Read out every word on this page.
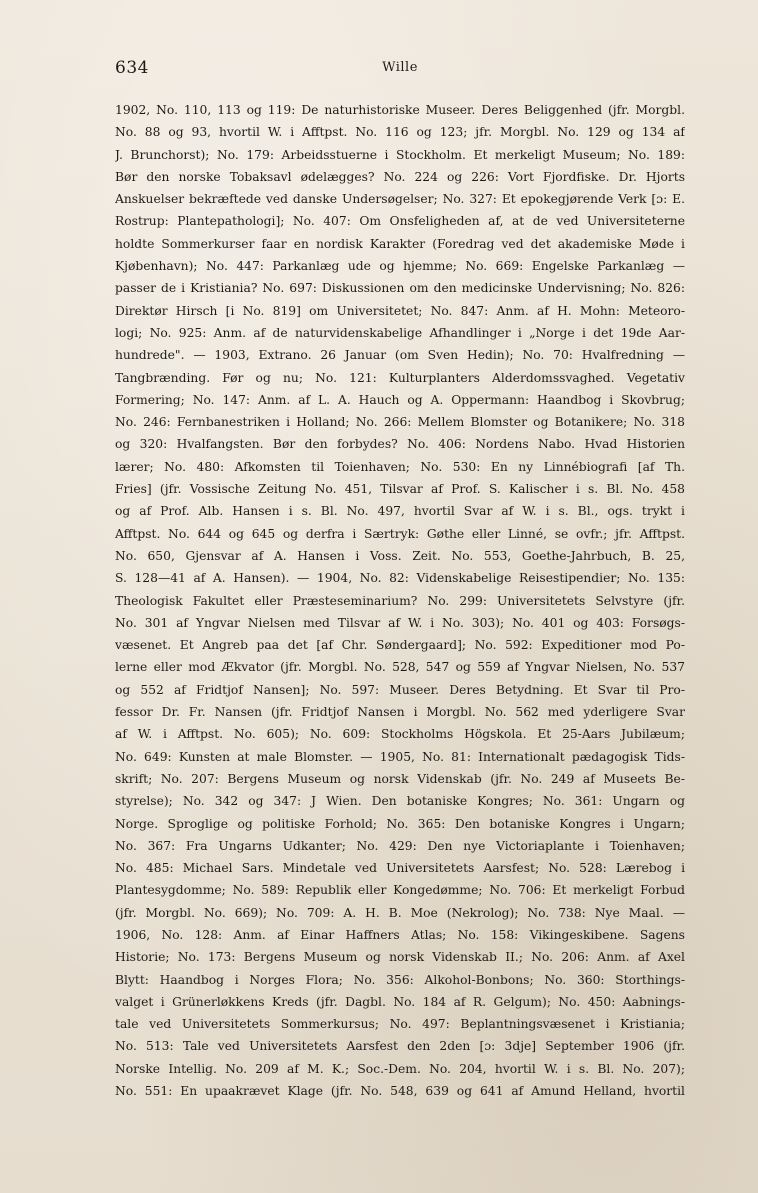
634	Wille
1902, No. 110, 113 og 119: De naturhistoriske Museer. Deres Beliggenhed (jfr. Morgbl.
No. 88 og 93, hvortil W. i Afftpst. No. 116 og 123; jfr. Morgbl. No. 129 og 134 af
J. Brunchorst); No. 179: Arbeidsstuerne i Stockholm. Et merkeligt Museum; No. 189:
Bør den norske Tobaksavl ødelægges? No. 224 og 226: Vort Fjordfiske. Dr. Hjorts
Anskuelser bekræftede ved danske Undersøgelser; No. 327: Et epokegjørende Verk [ɔ: E.
Rostrup: Plantepathologi]; No. 407: Om Onsfeligheden af, at de ved Universiteterne
holdte Sommerkurser faar en nordisk Karakter (Foredrag ved det akademiske Møde i
Kjøbenhavn); No. 447: Parkanlæg ude og hjemme; No. 669: Engelske Parkanlæg —
passer de i Kristiania? No. 697: Diskussionen om den medicinske Undervisning; No. 826:
Direktør Hirsch [i No. 819] om Universitetet; No. 847: Anm. af H. Mohn: Meteoro-
logi; No. 925: Anm. af de naturvidenskabelige Afhandlinger i „Norge i det 19de Aar-
hundrede". — 1903, Extrano. 26 Januar (om Sven Hedin); No. 70: Hvalfredning —
Tangbrænding. Før og nu; No. 121: Kulturplanters Alderdomssvaghed. Vegetativ
Formering; No. 147: Anm. af L. A. Hauch og A. Oppermann: Haandbog i Skovbrug;
No. 246: Fernbanestriken i Holland; No. 266: Mellem Blomster og Botanikere; No. 318
og 320: Hvalfangsten. Bør den forbydes? No. 406: Nordens Nabo. Hvad Historien
lærer; No. 480: Afkomsten til Toienhaven; No. 530: En ny Linnébiografi [af Th.
Fries] (jfr. Vossische Zeitung No. 451, Tilsvar af Prof. S. Kalischer i s. Bl. No. 458
og af Prof. Alb. Hansen i s. Bl. No. 497, hvortil Svar af W. i s. Bl., ogs. trykt i
Afftpst. No. 644 og 645 og derfra i Særtryk: Gøthe eller Linné, se ovfr.; jfr. Afftpst.
No. 650, Gjensvar af A. Hansen i Voss. Zeit. No. 553, Goethe-Jahrbuch, B. 25,
S. 128—41 af A. Hansen). — 1904, No. 82: Videnskabelige Reisestipendier; No. 135:
Theologisk Fakultet eller Præsteseminarium? No. 299: Universitetets Selvstyre (jfr.
No. 301 af Yngvar Nielsen med Tilsvar af W. i No. 303); No. 401 og 403: Forsøgs-
væsenet. Et Angreb paa det [af Chr. Søndergaard]; No. 592: Expeditioner mod Po-
lerne eller mod Ækvator (jfr. Morgbl. No. 528, 547 og 559 af Yngvar Nielsen, No. 537
og 552 af Fridtjof Nansen]; No. 597: Museer. Deres Betydning. Et Svar til Pro-
fessor Dr. Fr. Nansen (jfr. Fridtjof Nansen i Morgbl. No. 562 med yderligere Svar
af W. i Afftpst. No. 605); No. 609: Stockholms Högskola. Et 25-Aars Jubilæum;
No. 649: Kunsten at male Blomster. — 1905, No. 81: Internationalt pædagogisk Tids-
skrift; No. 207: Bergens Museum og norsk Videnskab (jfr. No. 249 af Museets Be-
styrelse); No. 342 og 347: J Wien. Den botaniske Kongres; No. 361: Ungarn og
Norge. Sproglige og politiske Forhold; No. 365: Den botaniske Kongres i Ungarn;
No. 367: Fra Ungarns Udkanter; No. 429: Den nye Victoriaplante i Toienhaven;
No. 485: Michael Sars. Mindetale ved Universitetets Aarsfest; No. 528: Lærebog i
Plantesygdomme; No. 589: Republik eller Kongedømme; No. 706: Et merkeligt Forbud
(jfr. Morgbl. No. 669); No. 709: A. H. B. Moe (Nekrolog); No. 738: Nye Maal. —
1906, No. 128: Anm. af Einar Haffners Atlas; No. 158: Vikingeskibene. Sagens
Historie; No. 173: Bergens Museum og norsk Videnskab II.; No. 206: Anm. af Axel
Blytt: Haandbog i Norges Flora; No. 356: Alkohol-Bonbons; No. 360: Storthings-
valget i Grünerløkkens Kreds (jfr. Dagbl. No. 184 af R. Gelgum); No. 450: Aabnings-
tale ved Universitetets Sommerkursus; No. 497: Beplantningsvæsenet i Kristiania;
No. 513: Tale ved Universitetets Aarsfest den 2den [ɔ: 3dje] September 1906 (jfr.
Norske Intellig. No. 209 af M. K.; Soc.-Dem. No. 204, hvortil W. i s. Bl. No. 207);
No. 551: En upaakrævet Klage (jfr. No. 548, 639 og 641 af Amund Helland, hvortil
